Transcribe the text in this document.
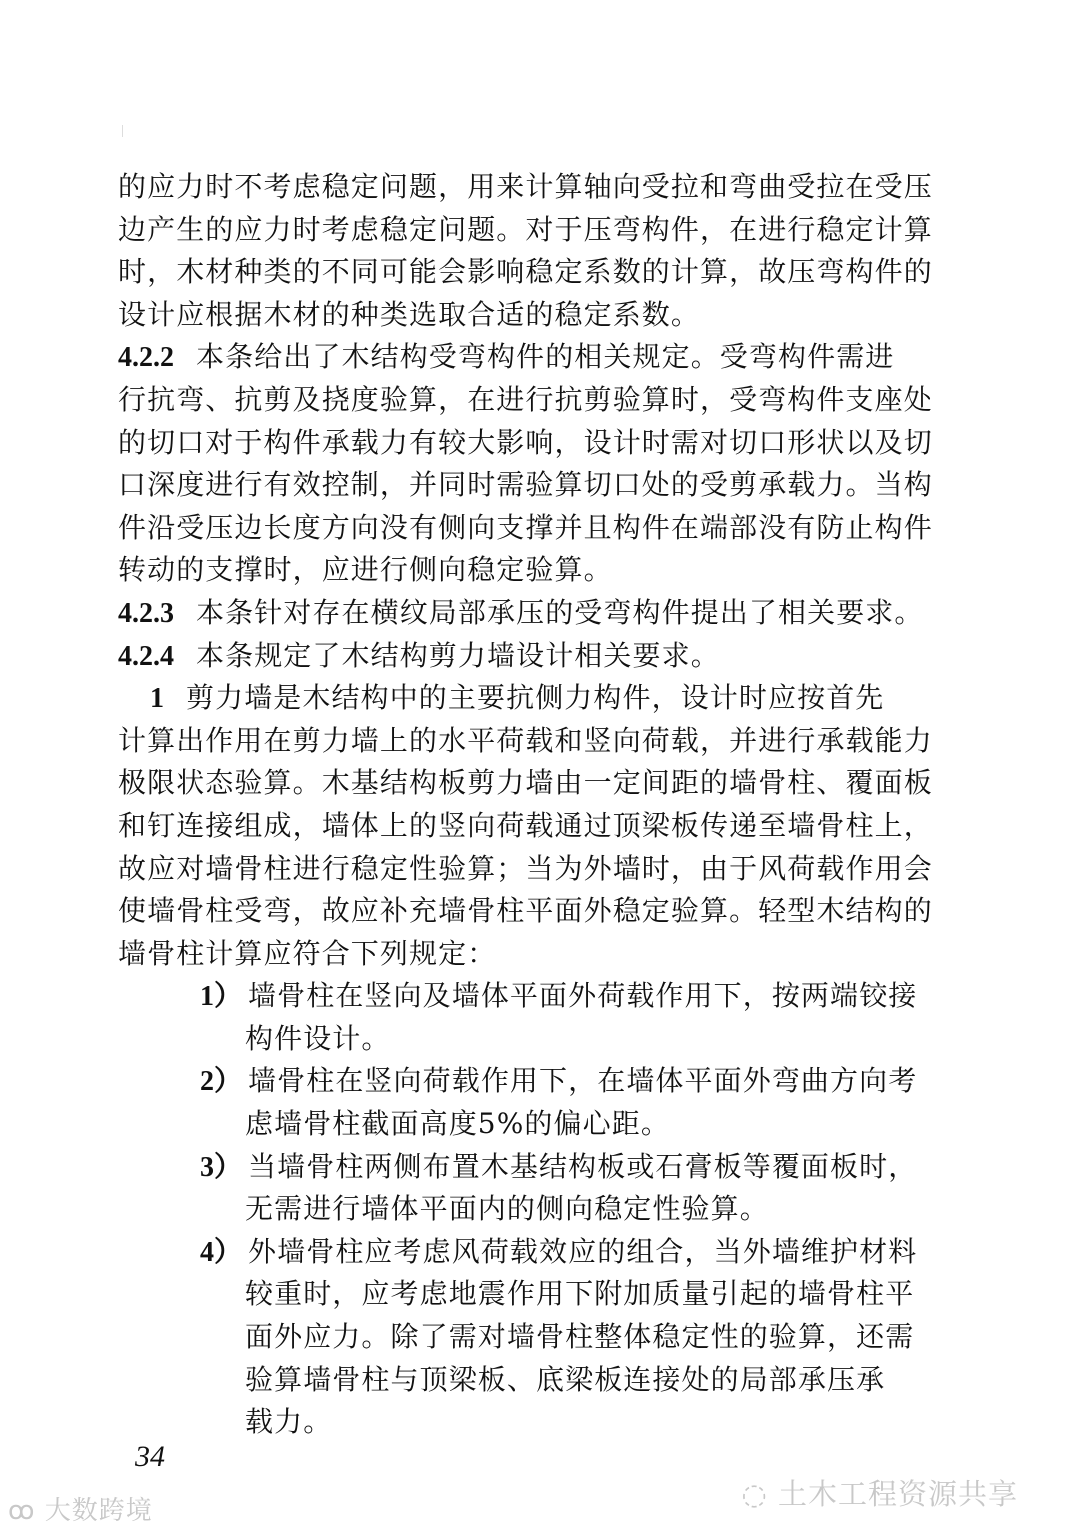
的应力时不考虑稳定问题，用来计算轴向受拉和弯曲受拉在受压
边产生的应力时考虑稳定问题。对于压弯构件，在进行稳定计算
时，木材种类的不同可能会影响稳定系数的计算，故压弯构件的
设计应根据木材的种类选取合适的稳定系数。
4.2.2 本条给出了木结构受弯构件的相关规定。受弯构件需进
行抗弯、抗剪及挠度验算，在进行抗剪验算时，受弯构件支座处
的切口对于构件承载力有较大影响，设计时需对切口形状以及切
口深度进行有效控制，并同时需验算切口处的受剪承载力。当构
件沿受压边长度方向没有侧向支撑并且构件在端部没有防止构件
转动的支撑时，应进行侧向稳定验算。
4.2.3 本条针对存在横纹局部承压的受弯构件提出了相关要求。
4.2.4 本条规定了木结构剪力墙设计相关要求。
1 剪力墙是木结构中的主要抗侧力构件，设计时应按首先
计算出作用在剪力墙上的水平荷载和竖向荷载，并进行承载能力
极限状态验算。木基结构板剪力墙由一定间距的墙骨柱、覆面板
和钉连接组成，墙体上的竖向荷载通过顶梁板传递至墙骨柱上，
故应对墙骨柱进行稳定性验算；当为外墙时，由于风荷载作用会
使墙骨柱受弯，故应补充墙骨柱平面外稳定验算。轻型木结构的
墙骨柱计算应符合下列规定：
1） 墙骨柱在竖向及墙体平面外荷载作用下，按两端铰接
构件设计。
2） 墙骨柱在竖向荷载作用下，在墙体平面外弯曲方向考
虑墙骨柱截面高度5%的偏心距。
3） 当墙骨柱两侧布置木基结构板或石膏板等覆面板时，
无需进行墙体平面内的侧向稳定性验算。
4） 外墙骨柱应考虑风荷载效应的组合，当外墙维护材料
较重时，应考虑地震作用下附加质量引起的墙骨柱平
面外应力。除了需对墙骨柱整体稳定性的验算，还需
验算墙骨柱与顶梁板、底梁板连接处的局部承压承
载力。
34
◌ 土木工程资源共享
ꝏ 大数跨境
